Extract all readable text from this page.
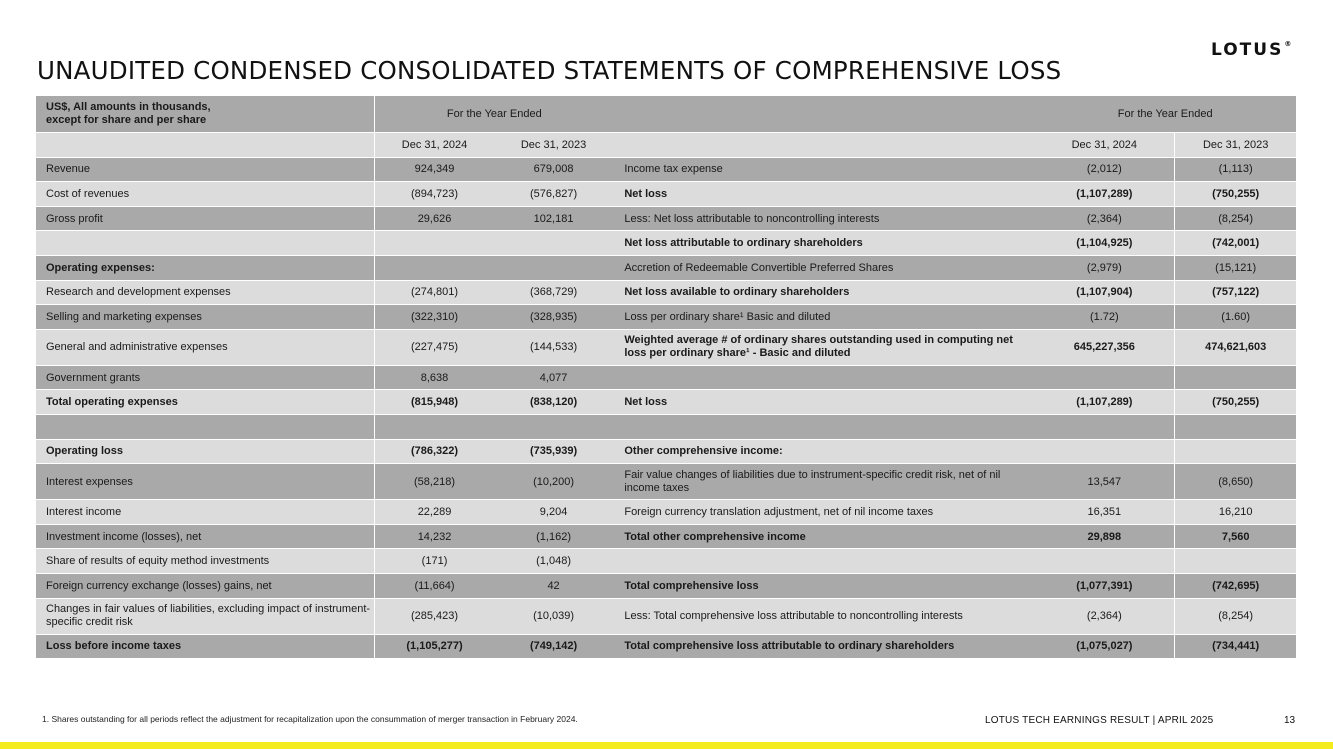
LOTUS®
UNAUDITED CONDENSED CONSOLIDATED STATEMENTS OF COMPREHENSIVE LOSS
US$, All amounts in thousands,
except for share and per share		For the Year Ended			For the Year Ended	
		Dec 31, 2024	Dec 31, 2023		Dec 31, 2024		Dec 31, 2023
Revenue		924,349	679,008	Income tax expense	(2,012)		(1,113)
Cost of revenues		(894,723)	(576,827)	Net loss	(1,107,289)		(750,255)
Gross profit		29,626	102,181	Less: Net loss attributable to noncontrolling interests	(2,364)		(8,254)
				Net loss attributable to ordinary shareholders	(1,104,925)		(742,001)
Operating expenses:				Accretion of Redeemable Convertible Preferred Shares	(2,979)		(15,121)
Research and development expenses		(274,801)	(368,729)	Net loss available to ordinary shareholders	(1,107,904)		(757,122)
Selling and marketing expenses		(322,310)	(328,935)	Loss per ordinary share¹ Basic and diluted	(1.72)		(1.60)
General and administrative expenses		(227,475)	(144,533)	Weighted average # of ordinary shares outstanding used in computing net loss per ordinary share¹ - Basic and diluted	645,227,356		474,621,603
Government grants		8,638	4,077				
Total operating expenses		(815,948)	(838,120)	Net loss	(1,107,289)		(750,255)

Operating loss		(786,322)	(735,939)	Other comprehensive income:			
Interest expenses		(58,218)	(10,200)	Fair value changes of liabilities due to instrument-specific credit risk, net of nil income taxes	13,547		(8,650)
Interest income		22,289	9,204	Foreign currency translation adjustment, net of nil income taxes	16,351		16,210
Investment income (losses), net		14,232	(1,162)	Total other comprehensive income	29,898		7,560
Share of results of equity method investments		(171)	(1,048)				
Foreign currency exchange (losses) gains, net		(11,664)	42	Total comprehensive loss	(1,077,391)		(742,695)
Changes in fair values of liabilities, excluding impact of instrument-specific credit risk		(285,423)	(10,039)	Less: Total comprehensive loss attributable to noncontrolling interests	(2,364)		(8,254)
Loss before income taxes		(1,105,277)	(749,142)	Total comprehensive loss attributable to ordinary shareholders	(1,075,027)		(734,441)
1. Shares outstanding for all periods reflect the adjustment for recapitalization upon the consummation of merger transaction in February 2024.	LOTUS TECH EARNINGS RESULT | APRIL 2025	13
